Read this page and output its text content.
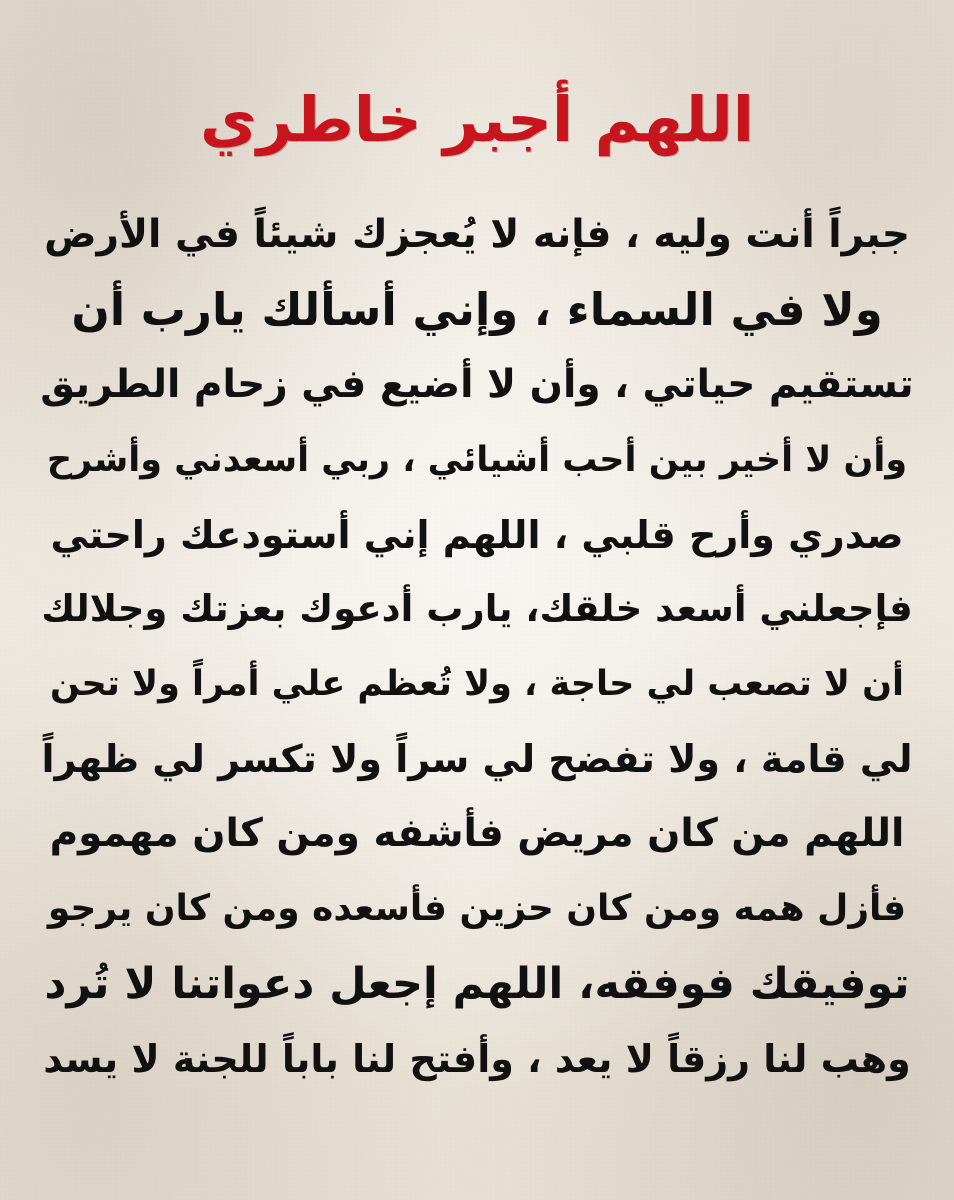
اللهم أجبر خاطري
جبراً أنت وليه ، فإنه لا يُعجزك شيئاً في الأرض
ولا في السماء ، وإني أسألك يارب أن
تستقيم حياتي ، وأن لا أضيع في زحام الطريق
وأن لا أخير بين أحب أشيائي ، ربي أسعدني وأشرح
صدري وأرح قلبي ، اللهم إني أستودعك راحتي
فإجعلني أسعد خلقك، يارب أدعوك بعزتك وجلالك
أن لا تصعب لي حاجة ، ولا تُعظم علي أمراً ولا تحن
لي قامة ، ولا تفضح لي سراً ولا تكسر لي ظهراً
اللهم من كان مريض فأشفه ومن كان مهموم
فأزل همه ومن كان حزين فأسعده ومن كان يرجو
توفيقك فوفقه، اللهم إجعل دعواتنا لا تُرد
وهب لنا رزقاً لا يعد ، وأفتح لنا باباً للجنة لا يسد
